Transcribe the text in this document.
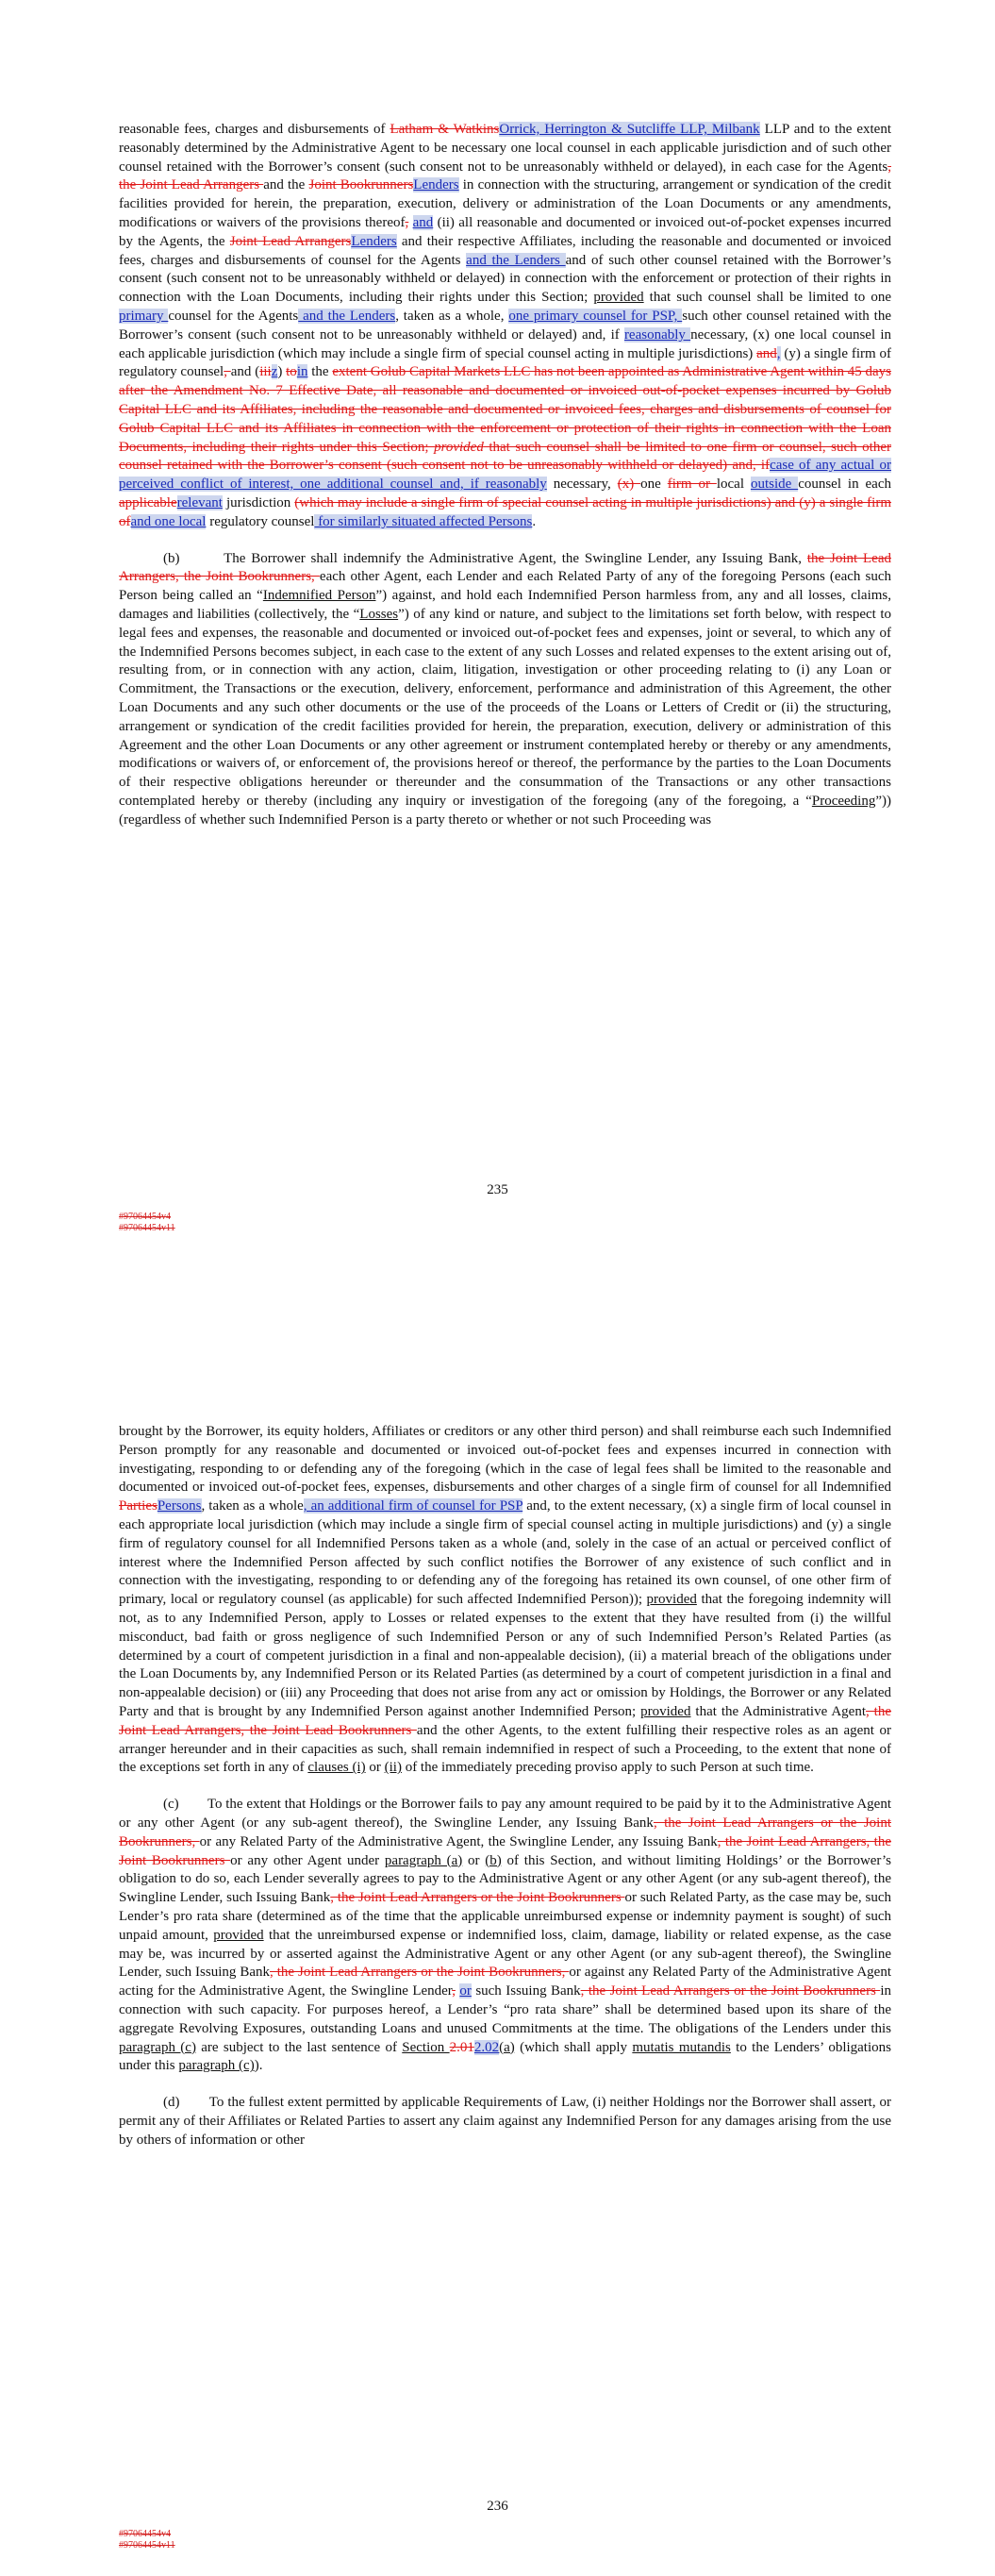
reasonable fees, charges and disbursements of Latham & WatkinsOrrick, Herrington & Sutcliffe LLP, Milbank LLP and to the extent reasonably determined by the Administrative Agent to be necessary one local counsel in each applicable jurisdiction and of such other counsel retained with the Borrower’s consent (such consent not to be unreasonably withheld or delayed), in each case for the Agents, the Joint Lead Arrangers and the Joint BookrunnersLenders in connection with the structuring, arrangement or syndication of the credit facilities provided for herein, the preparation, execution, delivery or administration of the Loan Documents or any amendments, modifications or waivers of the provisions thereof, and (ii) all reasonable and documented or invoiced out-of-pocket expenses incurred by the Agents, the Joint Lead ArrangersLenders and their respective Affiliates, including the reasonable and documented or invoiced fees, charges and disbursements of counsel for the Agents and the Lenders and of such other counsel retained with the Borrower’s consent (such consent not to be unreasonably withheld or delayed) in connection with the enforcement or protection of their rights in connection with the Loan Documents, including their rights under this Section; provided that such counsel shall be limited to one primary counsel for the Agents and the Lenders, taken as a whole, one primary counsel for PSP, such other counsel retained with the Borrower’s consent (such consent not to be unreasonably withheld or delayed) and, if reasonably necessary, (x) one local counsel in each applicable jurisdiction (which may include a single firm of special counsel acting in multiple jurisdictions) and, (y) a single firm of regulatory counsel, and (iiiz) toin the extent Golub Capital Markets LLC has not been appointed as Administrative Agent within 45 days after the Amendment No. 7 Effective Date, all reasonable and documented or invoiced out-of-pocket expenses incurred by Golub Capital LLC and its Affiliates, including the reasonable and documented or invoiced fees, charges and disbursements of counsel for Golub Capital LLC and its Affiliates in connection with the enforcement or protection of their rights in connection with the Loan Documents, including their rights under this Section; provided that such counsel shall be limited to one firm or counsel, such other counsel retained with the Borrower’s consent (such consent not to be unreasonably withheld or delayed) and, ifcase of any actual or perceived conflict of interest, one additional counsel and, if reasonably necessary, (x) one firm or local outside counsel in each applicablerelevant jurisdiction (which may include a single firm of special counsel acting in multiple jurisdictions) and (y) a single firm ofand one local regulatory counsel for similarly situated affected Persons.

(b)        The Borrower shall indemnify the Administrative Agent, the Swingline Lender, any Issuing Bank, the Joint Lead Arrangers, the Joint Bookrunners, each other Agent, each Lender and each Related Party of any of the foregoing Persons (each such Person being called an “Indemnified Person”) against, and hold each Indemnified Person harmless from, any and all losses, claims, damages and liabilities (collectively, the “Losses”) of any kind or nature, and subject to the limitations set forth below, with respect to legal fees and expenses, the reasonable and documented or invoiced out-of-pocket fees and expenses, joint or several, to which any of the Indemnified Persons becomes subject, in each case to the extent of any such Losses and related expenses to the extent arising out of, resulting from, or in connection with any action, claim, litigation, investigation or other proceeding relating to (i) any Loan or Commitment, the Transactions or the execution, delivery, enforcement, performance and administration of this Agreement, the other Loan Documents and any such other documents or the use of the proceeds of the Loans or Letters of Credit or (ii) the structuring, arrangement or syndication of the credit facilities provided for herein, the preparation, execution, delivery or administration of this Agreement and the other Loan Documents or any other agreement or instrument contemplated hereby or thereby or any amendments, modifications or waivers of, or enforcement of, the provisions hereof or thereof, the performance by the parties to the Loan Documents of their respective obligations hereunder or thereunder and the consummation of the Transactions or any other transactions contemplated hereby or thereby (including any inquiry or investigation of the foregoing (any of the foregoing, a “Proceeding”)) (regardless of whether such Indemnified Person is a party thereto or whether or not such Proceeding was

235
#97064454v4
#97064454v11

brought by the Borrower, its equity holders, Affiliates or creditors or any other third person) and shall reimburse each such Indemnified Person promptly for any reasonable and documented or invoiced out-of-pocket fees and expenses incurred in connection with investigating, responding to or defending any of the foregoing (which in the case of legal fees shall be limited to the reasonable and documented or invoiced out-of-pocket fees, expenses, disbursements and other charges of a single firm of counsel for all Indemnified PartiesPersons, taken as a whole, an additional firm of counsel for PSP and, to the extent necessary, (x) a single firm of local counsel in each appropriate local jurisdiction (which may include a single firm of special counsel acting in multiple jurisdictions) and (y) a single firm of regulatory counsel for all Indemnified Persons taken as a whole (and, solely in the case of an actual or perceived conflict of interest where the Indemnified Person affected by such conflict notifies the Borrower of any existence of such conflict and in connection with the investigating, responding to or defending any of the foregoing has retained its own counsel, of one other firm of primary, local or regulatory counsel (as applicable) for such affected Indemnified Person)); provided that the foregoing indemnity will not, as to any Indemnified Person, apply to Losses or related expenses to the extent that they have resulted from (i) the willful misconduct, bad faith or gross negligence of such Indemnified Person or any of such Indemnified Person’s Related Parties (as determined by a court of competent jurisdiction in a final and non-appealable decision), (ii) a material breach of the obligations under the Loan Documents by, any Indemnified Person or its Related Parties (as determined by a court of competent jurisdiction in a final and non-appealable decision) or (iii) any Proceeding that does not arise from any act or omission by Holdings, the Borrower or any Related Party and that is brought by any Indemnified Person against another Indemnified Person; provided that the Administrative Agent, the Joint Lead Arrangers, the Joint Lead Bookrunners and the other Agents, to the extent fulfilling their respective roles as an agent or arranger hereunder and in their capacities as such, shall remain indemnified in respect of such a Proceeding, to the extent that none of the exceptions set forth in any of clauses (i) or (ii) of the immediately preceding proviso apply to such Person at such time.

(c)        To the extent that Holdings or the Borrower fails to pay any amount required to be paid by it to the Administrative Agent or any other Agent (or any sub-agent thereof), the Swingline Lender, any Issuing Bank, the Joint Lead Arrangers or the Joint Bookrunners, or any Related Party of the Administrative Agent, the Swingline Lender, any Issuing Bank, the Joint Lead Arrangers, the Joint Bookrunners or any other Agent under paragraph (a) or (b) of this Section, and without limiting Holdings’ or the Borrower’s obligation to do so, each Lender severally agrees to pay to the Administrative Agent or any other Agent (or any sub-agent thereof), the Swingline Lender, such Issuing Bank, the Joint Lead Arrangers or the Joint Bookrunners or such Related Party, as the case may be, such Lender’s pro rata share (determined as of the time that the applicable unreimbursed expense or indemnity payment is sought) of such unpaid amount, provided that the unreimbursed expense or indemnified loss, claim, damage, liability or related expense, as the case may be, was incurred by or asserted against the Administrative Agent or any other Agent (or any sub-agent thereof), the Swingline Lender, such Issuing Bank, the Joint Lead Arrangers or the Joint Bookrunners, or against any Related Party of the Administrative Agent acting for the Administrative Agent, the Swingline Lender, or such Issuing Bank, the Joint Lead Arrangers or the Joint Bookrunners in connection with such capacity. For purposes hereof, a Lender’s “pro rata share” shall be determined based upon its share of the aggregate Revolving Exposures, outstanding Loans and unused Commitments at the time. The obligations of the Lenders under this paragraph (c) are subject to the last sentence of Section 2.012.02(a) (which shall apply mutatis mutandis to the Lenders’ obligations under this paragraph (c)).

(d)        To the fullest extent permitted by applicable Requirements of Law, (i) neither Holdings nor the Borrower shall assert, or permit any of their Affiliates or Related Parties to assert any claim against any Indemnified Person for any damages arising from the use by others of information or other

236
#97064454v4
#97064454v11
